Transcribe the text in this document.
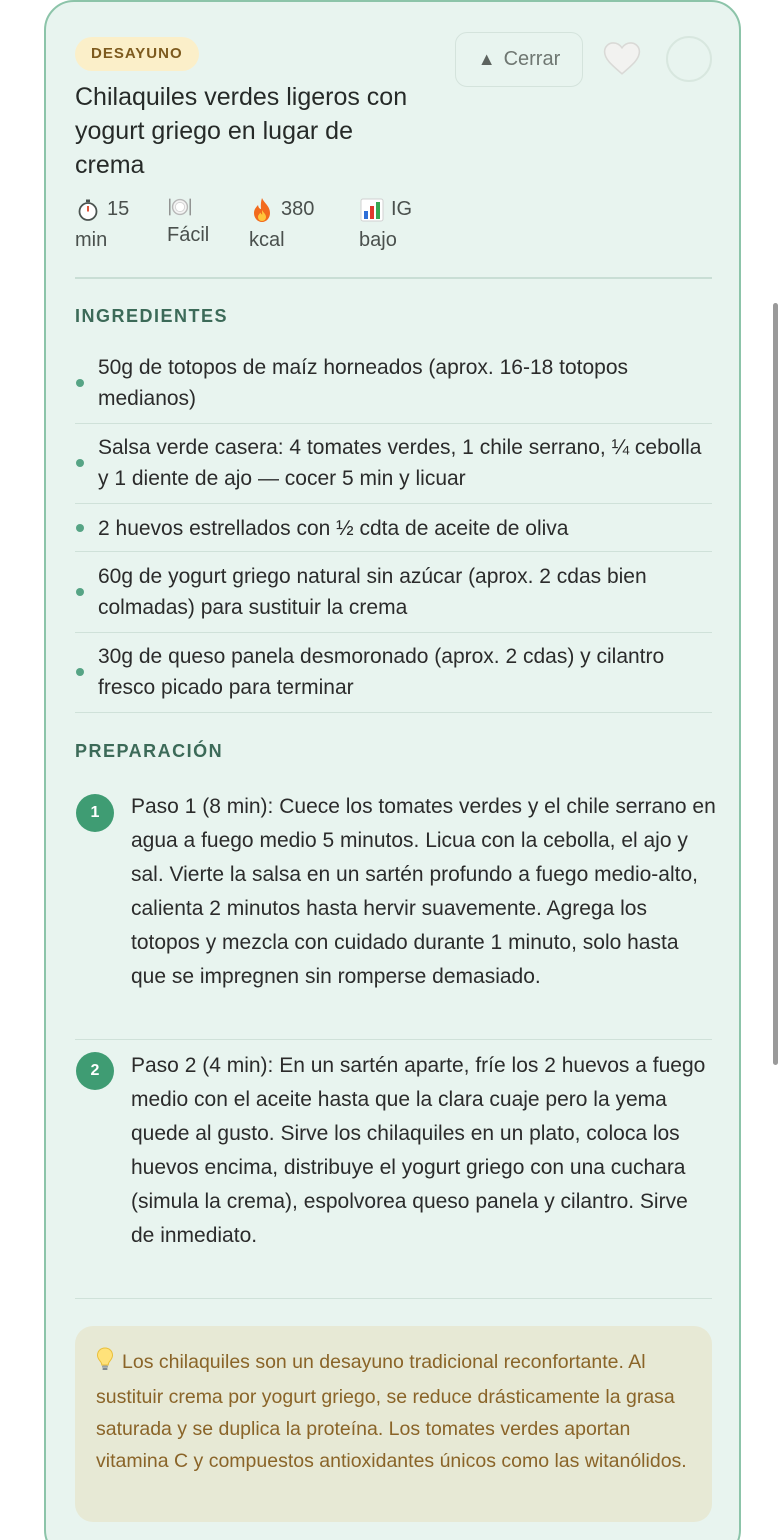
DESAYUNO	▲ Cerrar
Chilaquiles verdes ligeros con yogurt griego en lugar de crema
15
min	Fácil
380
kcal
IG
bajo
INGREDIENTES
50g de totopos de maíz horneados (aprox. 16-18 totopos medianos)
Salsa verde casera: 4 tomates verdes, 1 chile serrano, ¼ cebolla y 1 diente de ajo — cocer 5 min y licuar
2 huevos estrellados con ½ cdta de aceite de oliva
60g de yogurt griego natural sin azúcar (aprox. 2 cdas bien colmadas) para sustituir la crema
30g de queso panela desmoronado (aprox. 2 cdas) y cilantro fresco picado para terminar
PREPARACIÓN
1	Paso 1 (8 min): Cuece los tomates verdes y el chile serrano en agua a fuego medio 5 minutos. Licua con la cebolla, el ajo y sal. Vierte la salsa en un sartén profundo a fuego medio-alto, calienta 2 minutos hasta hervir suavemente. Agrega los totopos y mezcla con cuidado durante 1 minuto, solo hasta que se impregnen sin romperse demasiado.
2	Paso 2 (4 min): En un sartén aparte, fríe los 2 huevos a fuego medio con el aceite hasta que la clara cuaje pero la yema quede al gusto. Sirve los chilaquiles en un plato, coloca los huevos encima, distribuye el yogurt griego con una cuchara (simula la crema), espolvorea queso panela y cilantro. Sirve de inmediato.
Los chilaquiles son un desayuno tradicional reconfortante. Al sustituir crema por yogurt griego, se reduce drásticamente la grasa saturada y se duplica la proteína. Los tomates verdes aportan vitamina C y compuestos antioxidantes únicos como las witanólidos.
